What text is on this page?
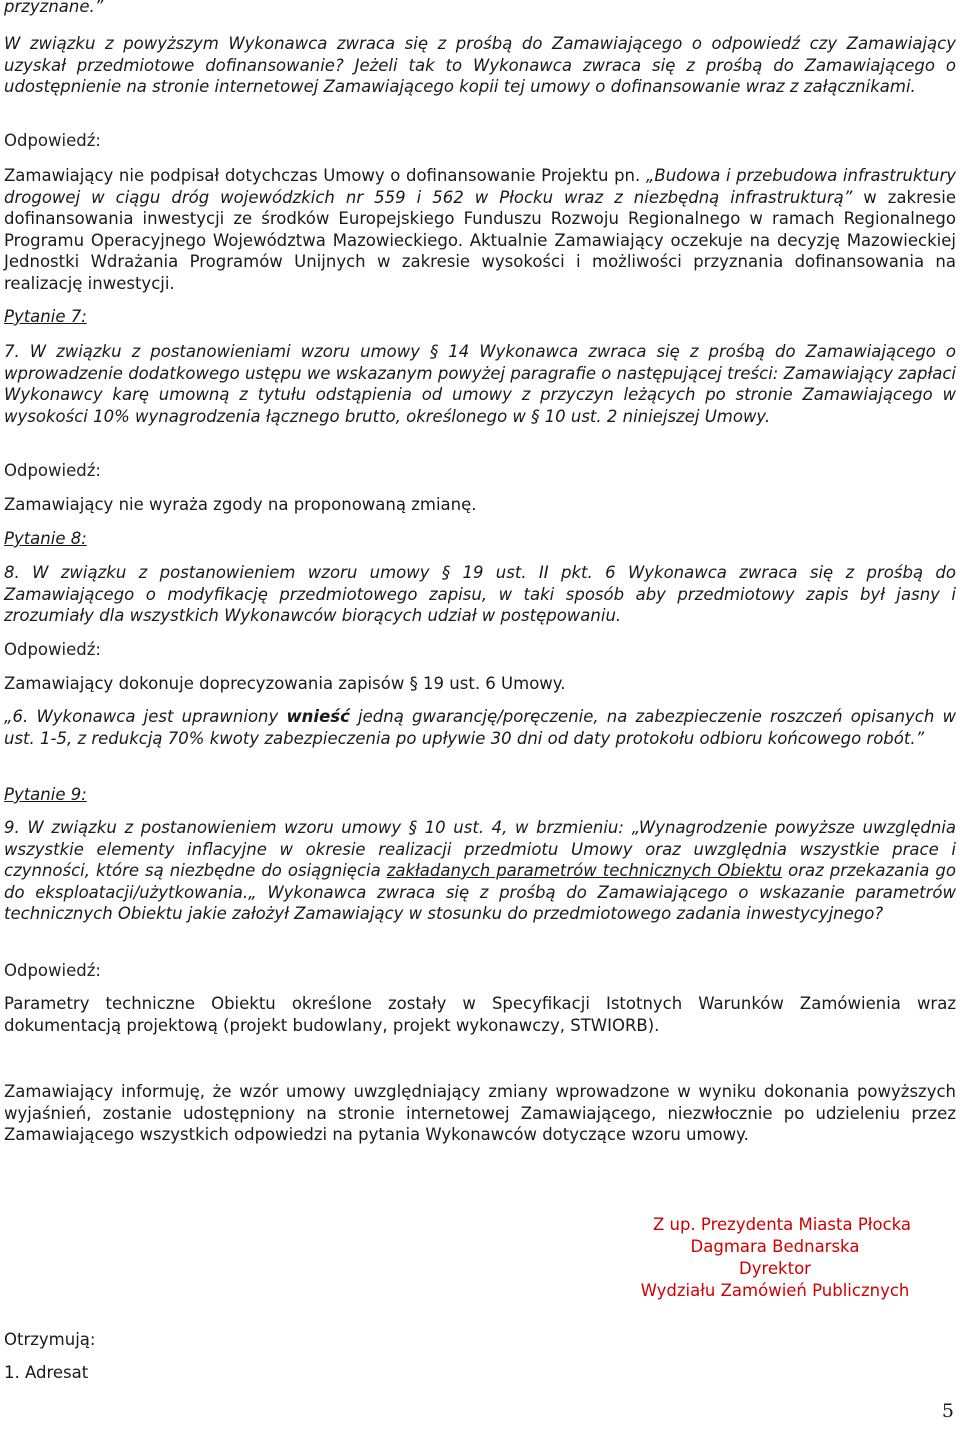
przyznane.”

W związku z powyższym Wykonawca zwraca się z prośbą do Zamawiającego o odpowiedź czy Zamawiający uzyskał przedmiotowe dofinansowanie? Jeżeli tak to Wykonawca zwraca się z prośbą do Zamawiającego o udostępnienie na stronie internetowej Zamawiającego kopii tej umowy o dofinansowanie wraz z załącznikami.

Odpowiedź:

Zamawiający nie podpisał dotychczas Umowy o dofinansowanie Projektu pn. „Budowa i przebudowa infrastruktury drogowej w ciągu dróg wojewódzkich nr 559 i 562 w Płocku wraz z niezbędną infrastrukturą” w zakresie dofinansowania inwestycji ze środków Europejskiego Funduszu Rozwoju Regionalnego w ramach Regionalnego Programu Operacyjnego Województwa Mazowieckiego. Aktualnie Zamawiający oczekuje na decyzję Mazowieckiej Jednostki Wdrażania Programów Unijnych w zakresie wysokości i możliwości przyznania dofinansowania na realizację inwestycji.

Pytanie 7:

7. W związku z postanowieniami wzoru umowy § 14 Wykonawca zwraca się z prośbą do Zamawiającego o wprowadzenie dodatkowego ustępu we wskazanym powyżej paragrafie o następującej treści: Zamawiający zapłaci Wykonawcy karę umowną z tytułu odstąpienia od umowy z przyczyn leżących po stronie Zamawiającego w wysokości 10% wynagrodzenia łącznego brutto, określonego w § 10 ust. 2 niniejszej Umowy.

Odpowiedź:

Zamawiający nie wyraża zgody na proponowaną zmianę.

Pytanie 8:

8. W związku z postanowieniem wzoru umowy § 19 ust. II pkt. 6 Wykonawca zwraca się z prośbą do Zamawiającego o modyfikację przedmiotowego zapisu, w taki sposób aby przedmiotowy zapis był jasny i zrozumiały dla wszystkich Wykonawców biorących udział w postępowaniu.

Odpowiedź:

Zamawiający dokonuje doprecyzowania zapisów § 19 ust. 6 Umowy.

„6. Wykonawca jest uprawniony wnieść jedną gwarancję/poręczenie, na zabezpieczenie roszczeń opisanych w ust. 1-5, z redukcją 70% kwoty zabezpieczenia po upływie 30 dni od daty protokołu odbioru końcowego robót.”

Pytanie 9:

9. W związku z postanowieniem wzoru umowy § 10 ust. 4, w brzmieniu: „Wynagrodzenie powyższe uwzględnia wszystkie elementy inflacyjne w okresie realizacji przedmiotu Umowy oraz uwzględnia wszystkie prace i czynności, które są niezbędne do osiągnięcia zakładanych parametrów technicznych Obiektu oraz przekazania go do eksploatacji/użytkowania.„ Wykonawca zwraca się z prośbą do Zamawiającego o wskazanie parametrów technicznych Obiektu jakie założył Zamawiający w stosunku do przedmiotowego zadania inwestycyjnego?

Odpowiedź:

Parametry techniczne Obiektu określone zostały w Specyfikacji Istotnych Warunków Zamówienia wraz dokumentacją projektową (projekt budowlany, projekt wykonawczy, STWIORB).

Zamawiający informuję, że wzór umowy uwzględniający zmiany wprowadzone w wyniku dokonania powyższych wyjaśnień, zostanie udostępniony na stronie internetowej Zamawiającego, niezwłocznie po udzieleniu przez Zamawiającego wszystkich odpowiedzi na pytania Wykonawców dotyczące wzoru umowy.

Z up. Prezydenta Miasta Płocka
Dagmara Bednarska
Dyrektor
Wydziału Zamówień Publicznych

Otrzymują:

1. Adresat

5
